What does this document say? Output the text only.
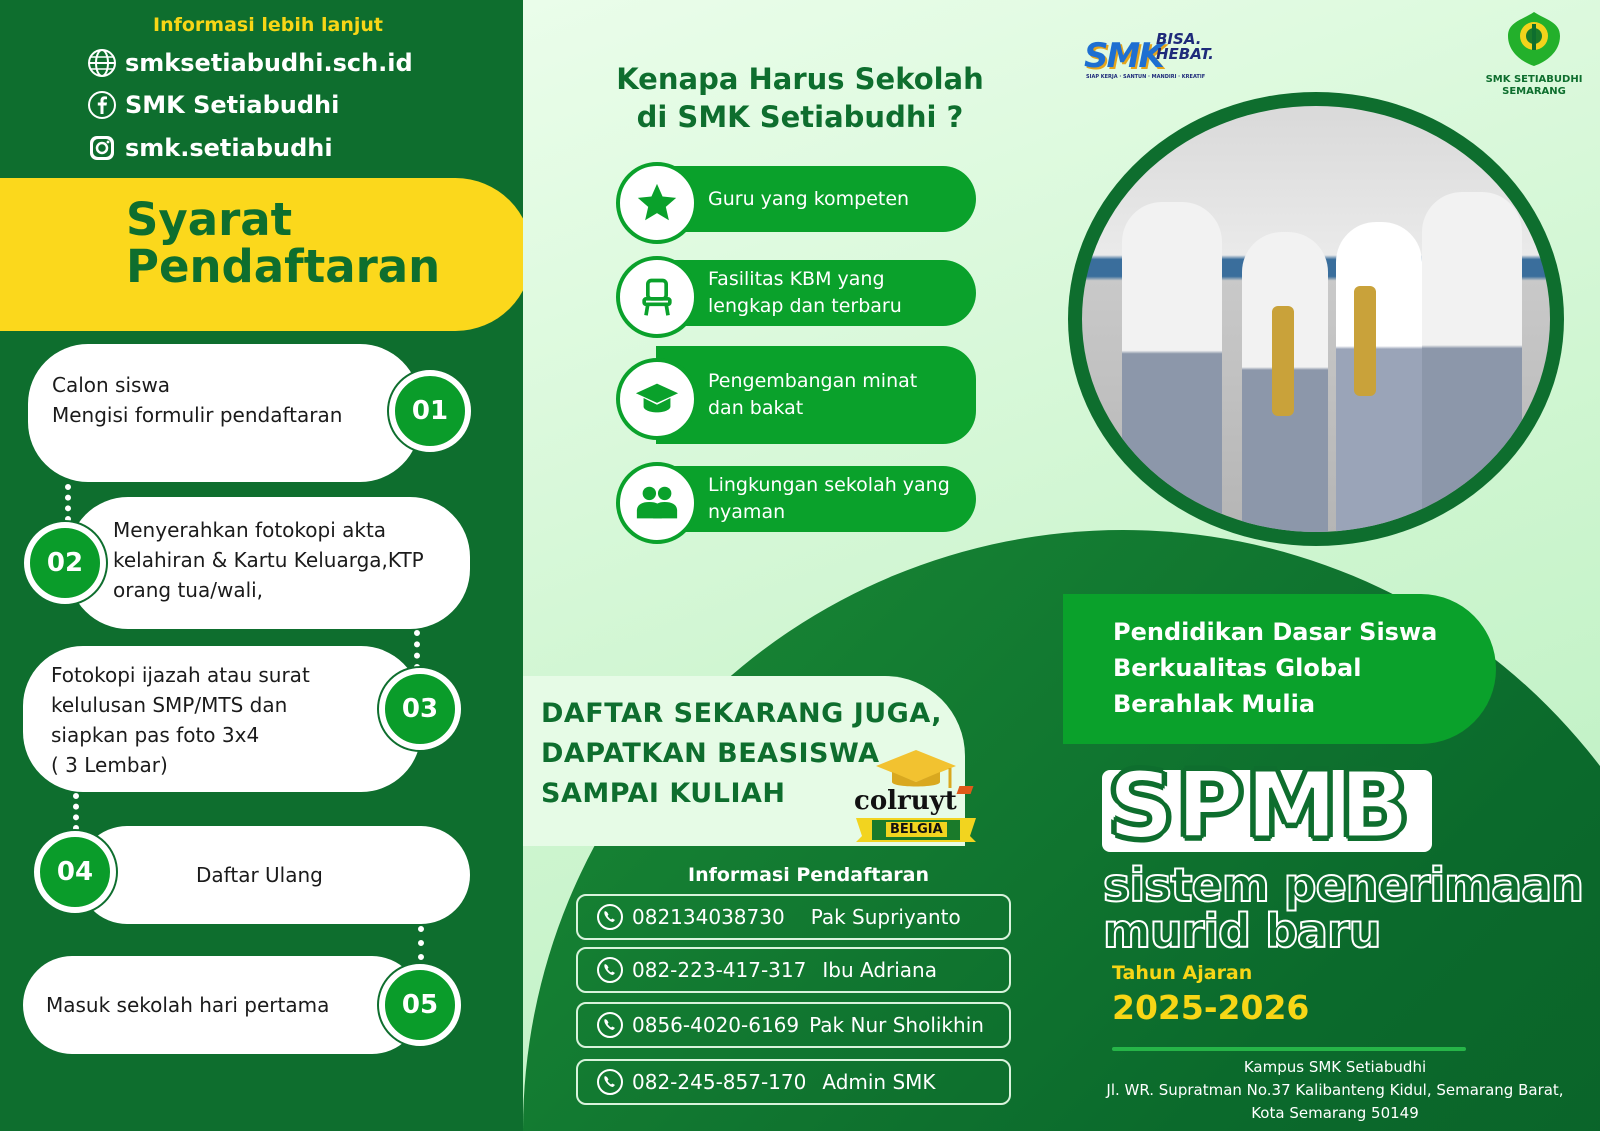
Informasi lebih lanjut
smksetiabudhi.sch.id
SMK Setiabudhi
smk.setiabudhi
Syarat
Pendaftaran
Calon siswa
Mengisi formulir pendaftaran	01
Menyerahkan fotokopi akta
kelahiran & Kartu Keluarga,KTP
orang tua/wali,
02
Fotokopi ijazah atau surat
kelulusan SMP/MTS dan
siapkan pas foto 3x4
( 3 Lembar)
03
Daftar Ulang
04
Masuk sekolah hari pertama	05
Kenapa Harus Sekolah
di SMK Setiabudhi ?
Guru yang kompeten
Fasilitas KBM yang
lengkap dan terbaru
Pengembangan minat
dan bakat
Lingkungan sekolah yang
nyaman

DAFTAR SEKARANG JUGA,
DAPATKAN BEASISWA
SAMPAI KULIAH	colruyt
BELGIA
Informasi Pendaftaran
082134038730 Pak Supriyanto
082-223-417-317 Ibu Adriana
0856-4020-6169 Pak Nur Sholikhin
082-245-857-170 Admin SMK
SMK
BISA.
HEBAT.
SIAP KERJA · SANTUN · MANDIRI · KREATIF	SMK SETIABUDHI
SEMARANG
Pendidikan Dasar Siswa
Berkualitas Global
Berahlak Mulia
SPMB
sistem penerimaan
murid baru
Tahun Ajaran
2025-2026
Kampus SMK Setiabudhi
Jl. WR. Supratman No.37 Kalibanteng Kidul, Semarang Barat,
Kota Semarang 50149
